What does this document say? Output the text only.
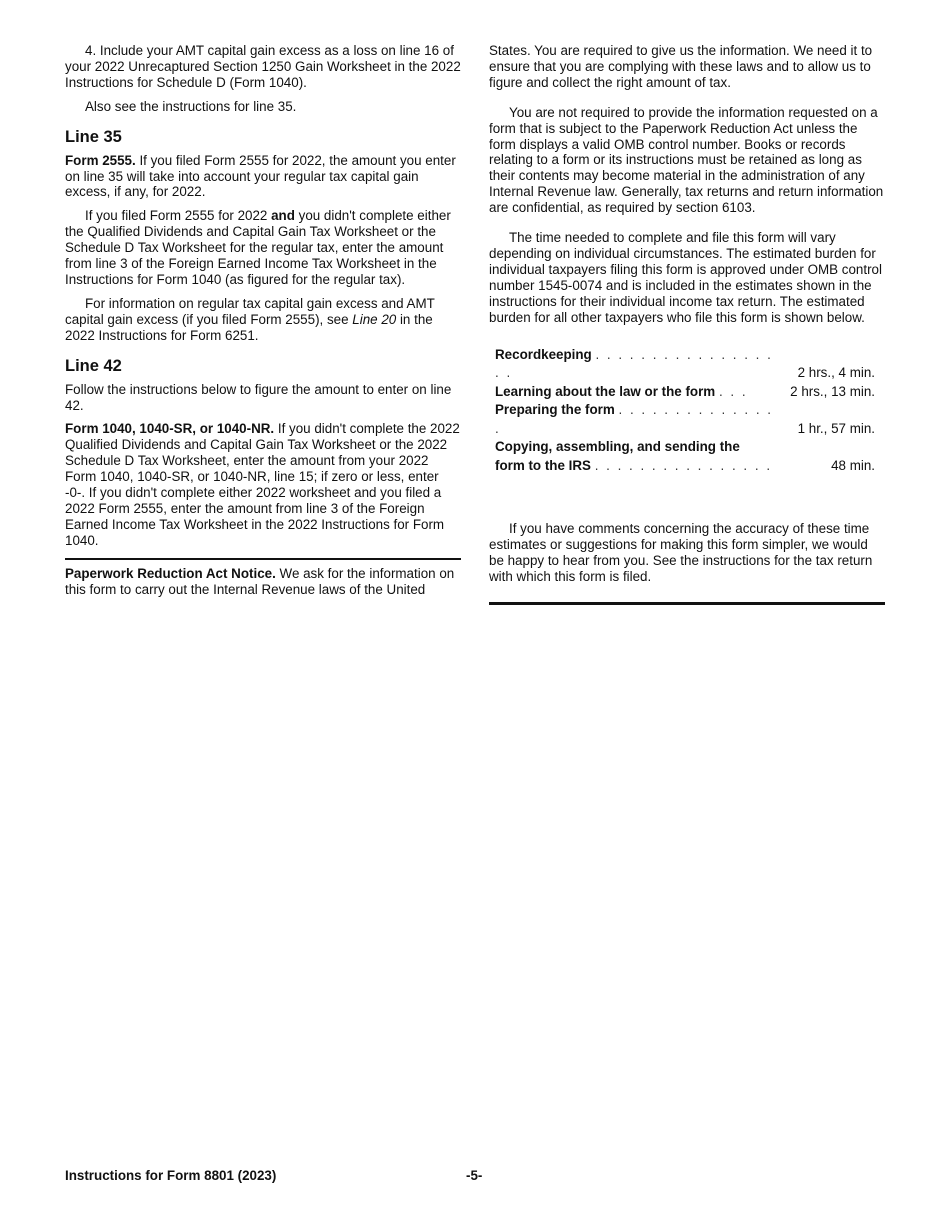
4. Include your AMT capital gain excess as a loss on line 16 of your 2022 Unrecaptured Section 1250 Gain Worksheet in the 2022 Instructions for Schedule D (Form 1040).

Also see the instructions for line 35.

Line 35

Form 2555. If you filed Form 2555 for 2022, the amount you enter on line 35 will take into account your regular tax capital gain excess, if any, for 2022.

If you filed Form 2555 for 2022 and you didn't complete either the Qualified Dividends and Capital Gain Tax Worksheet or the Schedule D Tax Worksheet for the regular tax, enter the amount from line 3 of the Foreign Earned Income Tax Worksheet in the Instructions for Form 1040 (as figured for the regular tax).

For information on regular tax capital gain excess and AMT capital gain excess (if you filed Form 2555), see Line 20 in the 2022 Instructions for Form 6251.

Line 42

Follow the instructions below to figure the amount to enter on line 42.

Form 1040, 1040-SR, or 1040-NR. If you didn't complete the 2022 Qualified Dividends and Capital Gain Tax Worksheet or the 2022 Schedule D Tax Worksheet, enter the amount from your 2022 Form 1040, 1040-SR, or 1040-NR, line 15; if zero or less, enter -0-. If you didn't complete either 2022 worksheet and you filed a 2022 Form 2555, enter the amount from line 3 of the Foreign Earned Income Tax Worksheet in the 2022 Instructions for Form 1040.

Paperwork Reduction Act Notice. We ask for the information on this form to carry out the Internal Revenue laws of the United

States. You are required to give us the information. We need it to ensure that you are complying with these laws and to allow us to figure and collect the right amount of tax.

You are not required to provide the information requested on a form that is subject to the Paperwork Reduction Act unless the form displays a valid OMB control number. Books or records relating to a form or its instructions must be retained as long as their contents may become material in the administration of any Internal Revenue law. Generally, tax returns and return information are confidential, as required by section 6103.

The time needed to complete and file this form will vary depending on individual circumstances. The estimated burden for individual taxpayers filing this form is approved under OMB control number 1545-0074 and is included in the estimates shown in the instructions for their individual income tax return. The estimated burden for all other taxpayers who file this form is shown below.

Recordkeeping . . . . . . . . . . . . . . . . . .	2 hrs., 4 min.
Learning about the law or the form . . .	2 hrs., 13 min.
Preparing the form . . . . . . . . . . . . . . .	1 hr., 57 min.
Copying, assembling, and sending the	
form to the IRS . . . . . . . . . . . . . . . .	48 min.

If you have comments concerning the accuracy of these time estimates or suggestions for making this form simpler, we would be happy to hear from you. See the instructions for the tax return with which this form is filed.

Instructions for Form 8801 (2023)	-5-
